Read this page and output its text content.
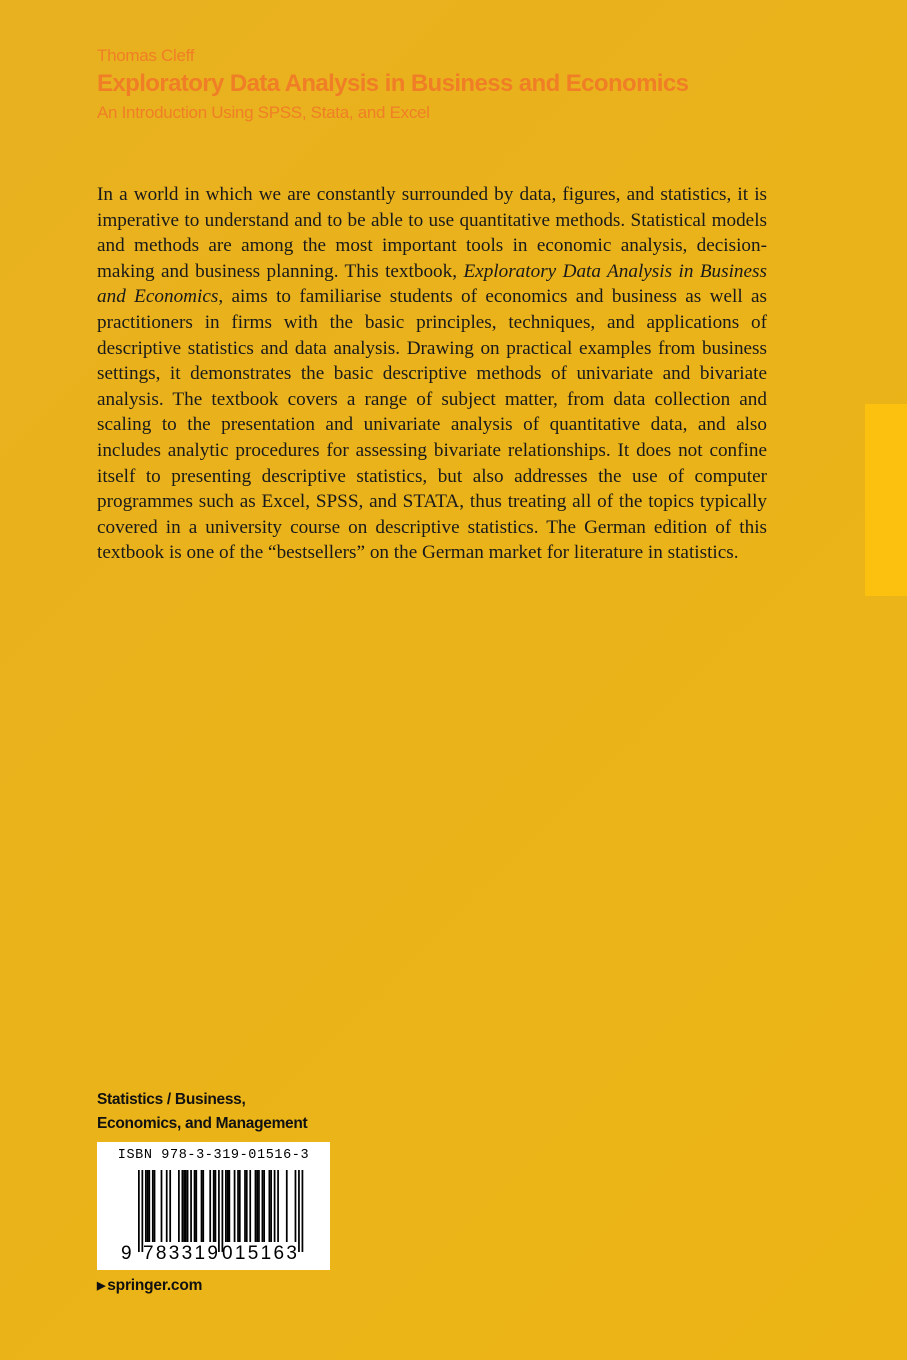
Thomas Cleff
Exploratory Data Analysis in Business and Economics
An Introduction Using SPSS, Stata, and Excel

In a world in which we are constantly surrounded by data, figures, and statistics, it is imperative to understand and to be able to use quantitative methods. Statistical models and methods are among the most important tools in economic analysis, decision-making and business planning. This textbook, Exploratory Data Analysis in Business and Economics, aims to familiarise students of economics and business as well as practitioners in firms with the basic principles, techniques, and applications of descriptive statistics and data analysis. Drawing on practical examples from business settings, it demonstrates the basic descriptive methods of univariate and bivariate analysis. The textbook covers a range of subject matter, from data collection and scaling to the presentation and univariate analysis of quantitative data, and also includes analytic procedures for assessing bivariate relationships. It does not confine itself to presenting descriptive statistics, but also addresses the use of computer programmes such as Excel, SPSS, and STATA, thus treating all of the topics typically covered in a university course on descriptive statistics. The German edition of this textbook is one of the “bestsellers” on the German market for literature in statistics.

Statistics / Business,
Economics, and Management
ISBN 978-3-319-01516-3
9 783319 015163
▶ springer.com
